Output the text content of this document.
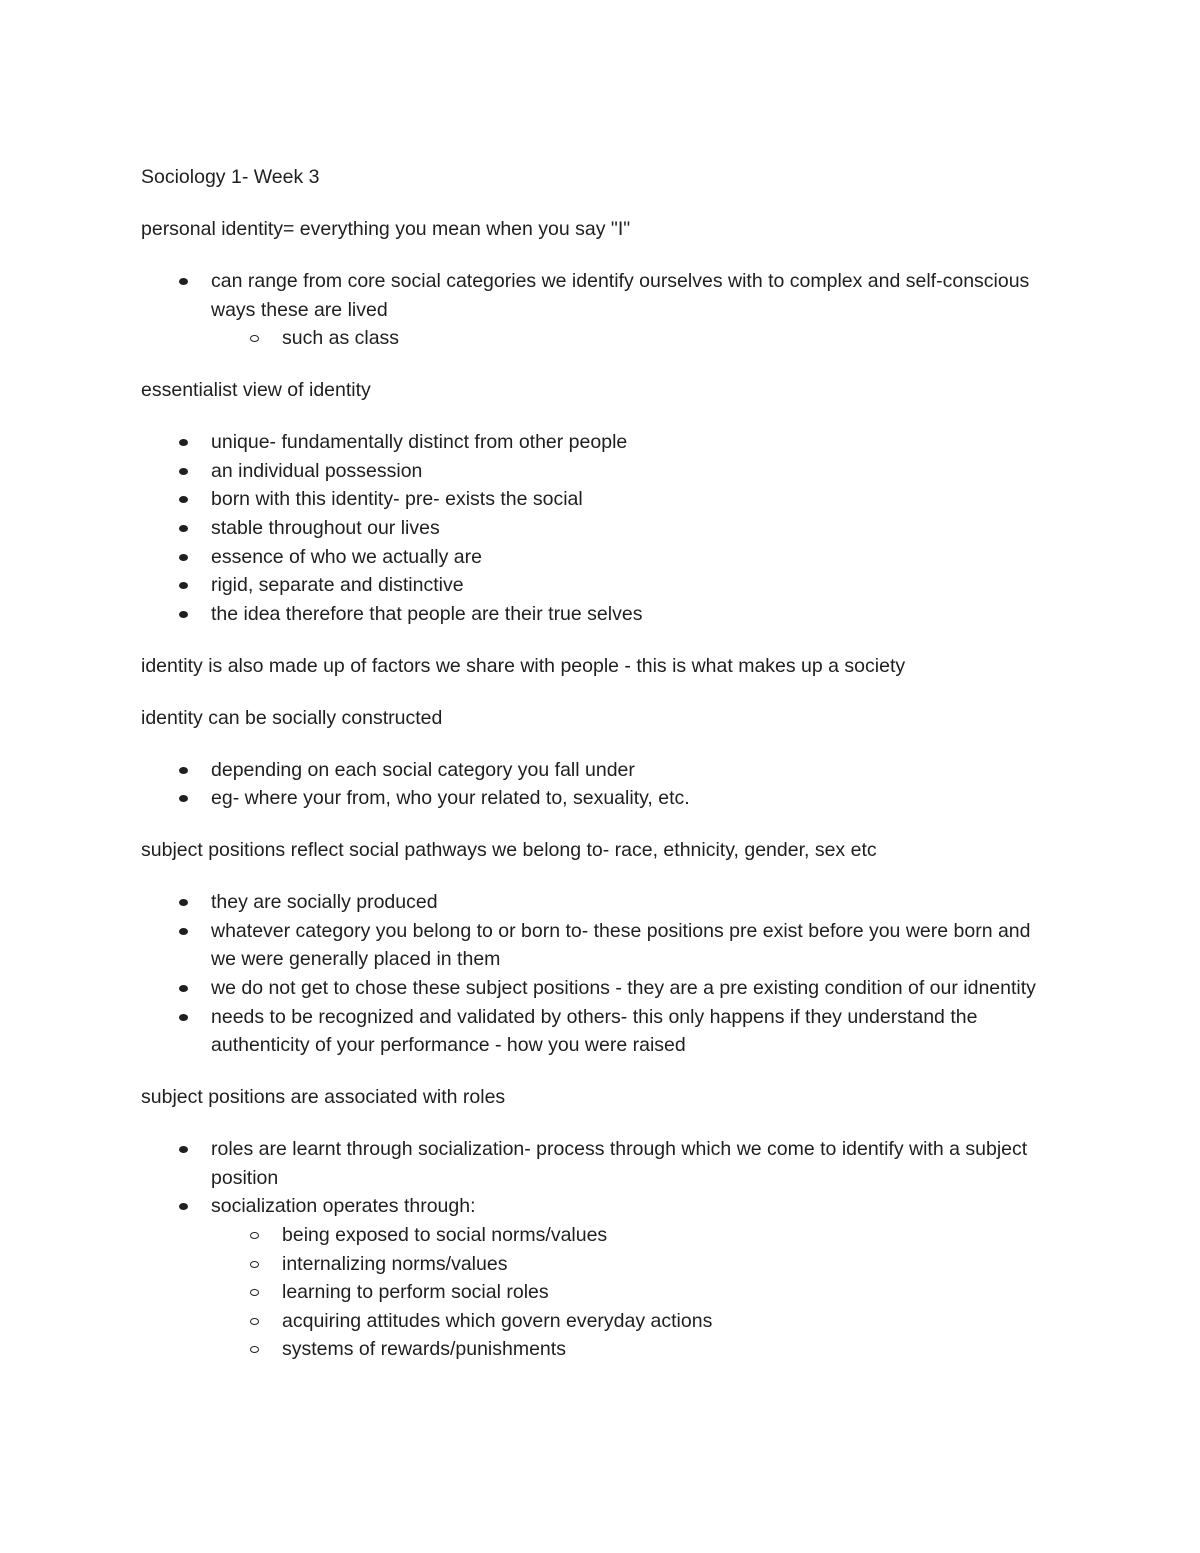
Sociology 1- Week 3

personal identity= everything you mean when you say "I"

can range from core social categories we identify ourselves with to complex and self-conscious ways these are lived
such as class

essentialist view of identity

unique- fundamentally distinct from other people
an individual possession
born with this identity- pre- exists the social
stable throughout our lives
essence of who we actually are
rigid, separate and distinctive
the idea therefore that people are their true selves

identity is also made up of factors we share with people - this is what makes up a society

identity can be socially constructed

depending on each social category you fall under
eg- where your from, who your related to, sexuality, etc.

subject positions reflect social pathways we belong to- race, ethnicity, gender, sex etc

they are socially produced
whatever category you belong to or born to- these positions pre exist before you were born and we were generally placed in them
we do not get to chose these subject positions - they are a pre existing condition of our idnentity
needs to be recognized and validated by others- this only happens if they understand the authenticity of your performance - how you were raised

subject positions are associated with roles

roles are learnt through socialization- process through which we come to identify with a subject position
socialization operates through:
being exposed to social norms/values
internalizing norms/values
learning to perform social roles
acquiring attitudes which govern everyday actions
systems of rewards/punishments
